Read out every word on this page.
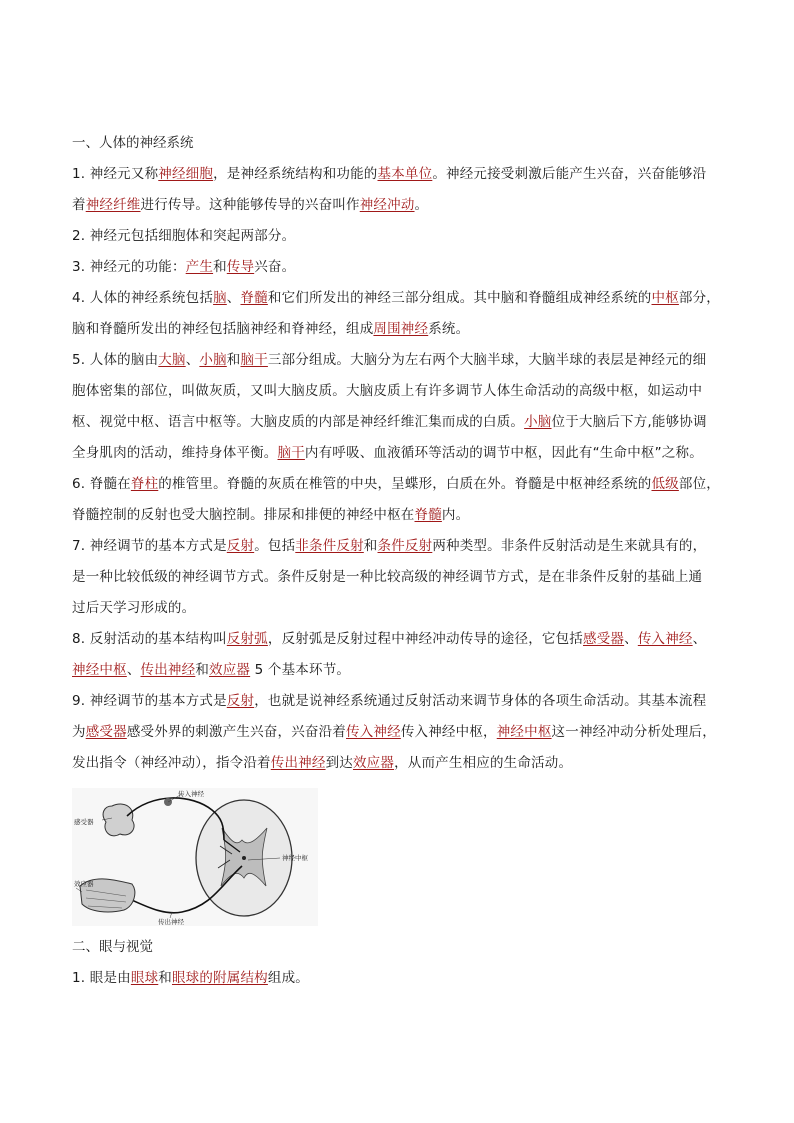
一、人体的神经系统
1. 神经元又称神经细胞，是神经系统结构和功能的基本单位。神经元接受刺激后能产生兴奋，兴奋能够沿
着神经纤维进行传导。这种能够传导的兴奋叫作神经冲动。
2. 神经元包括细胞体和突起两部分。
3. 神经元的功能：产生和传导兴奋。
4. 人体的神经系统包括脑、脊髓和它们所发出的神经三部分组成。其中脑和脊髓组成神经系统的中枢部分，
脑和脊髓所发出的神经包括脑神经和脊神经，组成周围神经系统。
5. 人体的脑由大脑、小脑和脑干三部分组成。大脑分为左右两个大脑半球，大脑半球的表层是神经元的细
胞体密集的部位，叫做灰质，又叫大脑皮质。大脑皮质上有许多调节人体生命活动的高级中枢，如运动中
枢、视觉中枢、语言中枢等。大脑皮质的内部是神经纤维汇集而成的白质。小脑位于大脑后下方,能够协调
全身肌肉的活动，维持身体平衡。脑干内有呼吸、血液循环等活动的调节中枢，因此有“生命中枢”之称。
6. 脊髓在脊柱的椎管里。脊髓的灰质在椎管的中央，呈蝶形，白质在外。脊髓是中枢神经系统的低级部位，
脊髓控制的反射也受大脑控制。排尿和排便的神经中枢在脊髓内。
7. 神经调节的基本方式是反射。包括非条件反射和条件反射两种类型。非条件反射活动是生来就具有的，
是一种比较低级的神经调节方式。条件反射是一种比较高级的神经调节方式，是在非条件反射的基础上通
过后天学习形成的。
8. 反射活动的基本结构叫反射弧，反射弧是反射过程中神经冲动传导的途径，它包括感受器、传入神经、
神经中枢、传出神经和效应器 5 个基本环节。
9. 神经调节的基本方式是反射，也就是说神经系统通过反射活动来调节身体的各项生命活动。其基本流程
为感受器感受外界的刺激产生兴奋，兴奋沿着传入神经传入神经中枢，神经中枢这一神经冲动分析处理后，
发出指令（神经冲动），指令沿着传出神经到达效应器，从而产生相应的生命活动。
传入神经
感受器
神经中枢
效应器
传出神经
二、眼与视觉
1. 眼是由眼球和眼球的附属结构组成。
